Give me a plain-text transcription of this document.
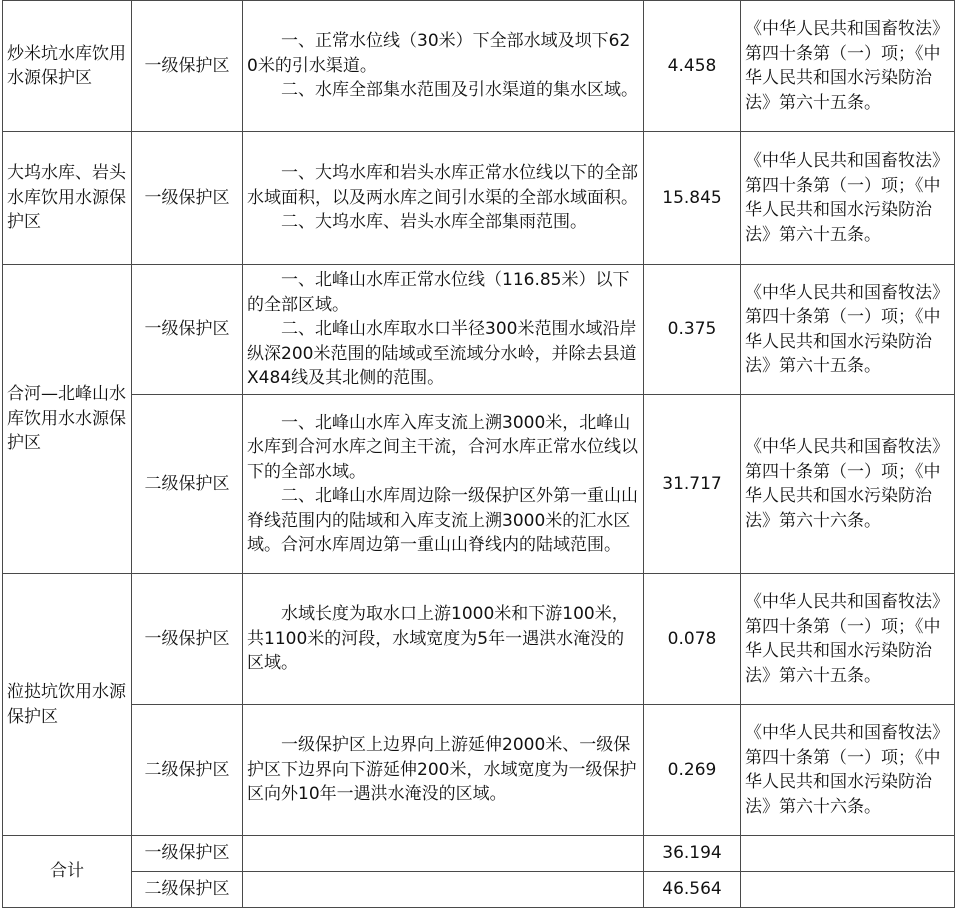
炒米坑水库饮用水源保护区	一级保护区	一、正常水位线（30米）下全部水域及坝下620米的引水渠道。

二、水库全部集水范围及引水渠道的集水区域。	4.458	《中华人民共和国畜牧法》第四十条第（一）项；《中华人民共和国水污染防治法》第六十五条。
大坞水库、岩头水库饮用水源保护区	一级保护区	一、大坞水库和岩头水库正常水位线以下的全部水域面积，以及两水库之间引水渠的全部水域面积。

二、大坞水库、岩头水库全部集雨范围。	15.845	《中华人民共和国畜牧法》第四十条第（一）项；《中华人民共和国水污染防治法》第六十五条。
合河—北峰山水库饮用水水源保护区	一级保护区	一、北峰山水库正常水位线（116.85米）以下的全部区域。

二、北峰山水库取水口半径300米范围水域沿岸纵深200米范围的陆域或至流域分水岭，并除去县道X484线及其北侧的范围。	0.375	《中华人民共和国畜牧法》第四十条第（一）项；《中华人民共和国水污染防治法》第六十五条。
	二级保护区	一、北峰山水库入库支流上溯3000米，北峰山水库到合河水库之间主干流，合河水库正常水位线以下的全部水域。

二、北峰山水库周边除一级保护区外第一重山山脊线范围内的陆域和入库支流上溯3000米的汇水区域。合河水库周边第一重山山脊线内的陆域范围。	31.717	《中华人民共和国畜牧法》第四十条第（一）项；《中华人民共和国水污染防治法》第六十六条。
涖挞坑饮用水源保护区	一级保护区	水域长度为取水口上游1000米和下游100米，共1100米的河段，水域宽度为5年一遇洪水淹没的区域。	0.078	《中华人民共和国畜牧法》第四十条第（一）项；《中华人民共和国水污染防治法》第六十五条。
	二级保护区	一级保护区上边界向上游延伸2000米、一级保护区下边界向下游延伸200米，水域宽度为一级保护区向外10年一遇洪水淹没的区域。	0.269	《中华人民共和国畜牧法》第四十条第（一）项；《中华人民共和国水污染防治法》第六十六条。
合计	一级保护区		36.194	
	二级保护区		46.564	
